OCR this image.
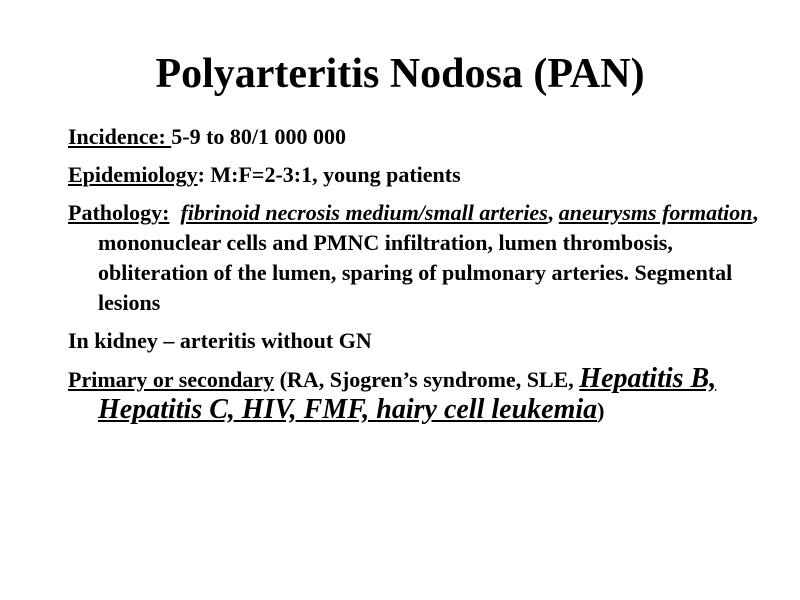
Polyarteritis Nodosa (PAN)

Incidence: 5-9 to 80/1 000 000

Epidemiology: M:F=2-3:1, young patients

Pathology: fibrinoid necrosis medium/small arteries, aneurysms formation, mononuclear cells and PMNC infiltration, lumen thrombosis, obliteration of the lumen, sparing of pulmonary arteries. Segmental lesions

In kidney – arteritis without GN

Primary or secondary (RA, Sjogren’s syndrome, SLE, Hepatitis B, Hepatitis C, HIV, FMF, hairy cell leukemia)
